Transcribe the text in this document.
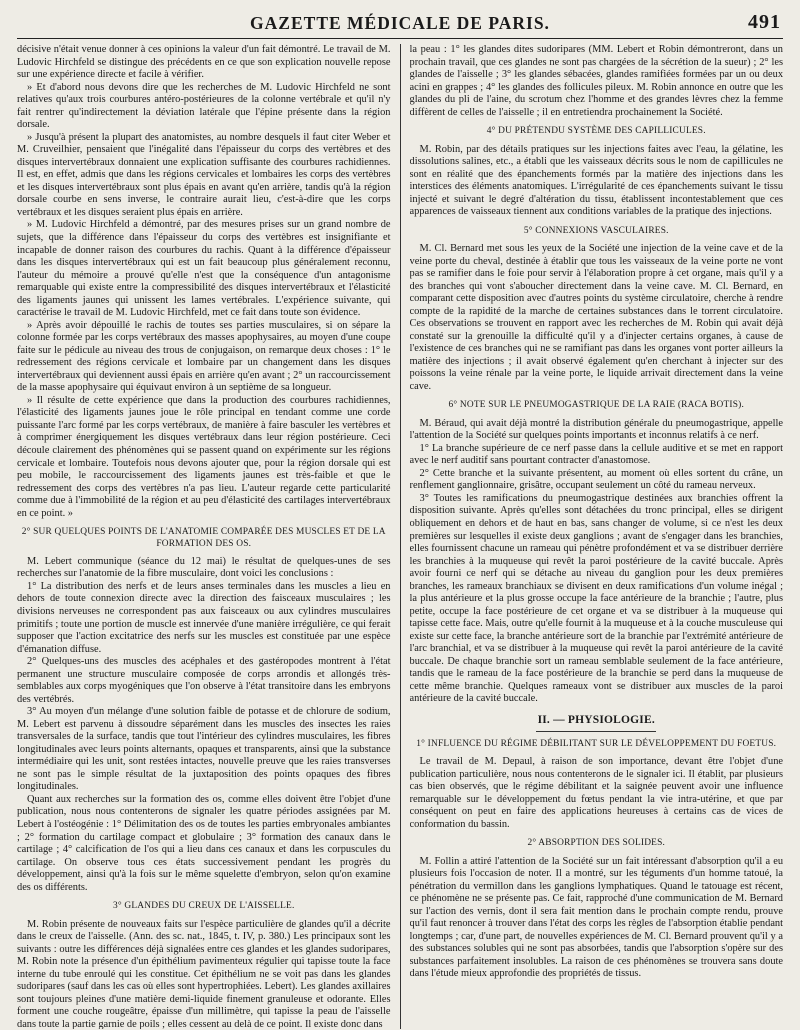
GAZETTE MÉDICALE DE PARIS.	491

décisive n'était venue donner à ces opinions la valeur d'un fait démontré. Le travail de M. Ludovic Hirchfeld se distingue des précédents en ce que son explication nouvelle repose sur une expérience directe et facile à vérifier.

» Et d'abord nous devons dire que les recherches de M. Ludovic Hirchfeld ne sont relatives qu'aux trois courbures antéro-postérieures de la colonne vertébrale et qu'il n'y fait rentrer qu'indirectement la déviation latérale que l'épine présente dans la région dorsale.

» Jusqu'à présent la plupart des anatomistes, au nombre desquels il faut citer Weber et M. Cruveilhier, pensaient que l'inégalité dans l'épaisseur du corps des vertèbres et des disques intervertébraux donnaient une explication suffisante des courbures rachidiennes. Il est, en effet, admis que dans les régions cervicales et lombaires les corps des vertèbres et les disques intervertébraux sont plus épais en avant qu'en arrière, tandis qu'à la région dorsale courbe en sens inverse, le contraire aurait lieu, c'est-à-dire que les corps vertébraux et les disques seraient plus épais en arrière.

» M. Ludovic Hirchfeld a démontré, par des mesures prises sur un grand nombre de sujets, que la différence dans l'épaisseur du corps des vertèbres est insignifiante et incapable de donner raison des courbures du rachis. Quant à la différence d'épaisseur dans les disques intervertébraux qui est un fait beaucoup plus généralement reconnu, l'auteur du mémoire a prouvé qu'elle n'est que la conséquence d'un antagonisme remarquable qui existe entre la compressibilité des disques intervertébraux et l'élasticité des ligaments jaunes qui unissent les lames vertébrales. L'expérience suivante, qui caractérise le travail de M. Ludovic Hirchfeld, met ce fait dans toute son évidence.

» Après avoir dépouillé le rachis de toutes ses parties musculaires, si on sépare la colonne formée par les corps vertébraux des masses apophysaires, au moyen d'une coupe faite sur le pédicule au niveau des trous de conjugaison, on remarque deux choses : 1° le redressement des régions cervicale et lombaire par un changement dans les disques intervertébraux qui deviennent aussi épais en arrière qu'en avant ; 2° un raccourcissement de la masse apophysaire qui équivaut environ à un septième de sa longueur.

» Il résulte de cette expérience que dans la production des courbures rachidiennes, l'élasticité des ligaments jaunes joue le rôle principal en tendant comme une corde puissante l'arc formé par les corps vertébraux, de manière à faire basculer les vertèbres et à comprimer énergiquement les disques vertébraux dans leur région postérieure. Ceci découle clairement des phénomènes qui se passent quand on expérimente sur les régions cervicale et lombaire. Toutefois nous devons ajouter que, pour la région dorsale qui est peu mobile, le raccourcissement des ligaments jaunes est très-faible et que le redressement des corps des vertèbres n'a pas lieu. L'auteur regarde cette particularité comme due à l'immobilité de la région et au peu d'élasticité des cartilages intervertébraux en ce point. »

2° SUR QUELQUES POINTS DE L'ANATOMIE COMPARÉE DES MUSCLES ET DE LA
FORMATION DES OS.

M. Lebert communique (séance du 12 mai) le résultat de quelques-unes de ses recherches sur l'anatomie de la fibre musculaire, dont voici les conclusions :

1° La distribution des nerfs et de leurs anses terminales dans les muscles a lieu en dehors de toute connexion directe avec la direction des faisceaux musculaires ; les divisions nerveuses ne correspondent pas aux faisceaux ou aux cylindres musculaires primitifs ; toute une portion de muscle est innervée d'une manière irrégulière, ce qui ferait supposer que l'action excitatrice des nerfs sur les muscles est constituée par une espèce d'émanation diffuse.

2° Quelques-uns des muscles des acéphales et des gastéropodes montrent à l'état permanent une structure musculaire composée de corps arrondis et allongés très-semblables aux corps myogéniques que l'on observe à l'état transitoire dans les embryons des vertébrés.

3° Au moyen d'un mélange d'une solution faible de potasse et de chlorure de sodium, M. Lebert est parvenu à dissoudre séparément dans les muscles des insectes les raies transversales de la surface, tandis que tout l'intérieur des cylindres musculaires, les fibres longitudinales avec leurs points alternants, opaques et transparents, ainsi que la substance intermédiaire qui les unit, sont restées intactes, nouvelle preuve que les raies transverses ne sont pas le simple résultat de la juxtaposition des points opaques des fibres longitudinales.

Quant aux recherches sur la formation des os, comme elles doivent être l'objet d'une publication, nous nous contenterons de signaler les quatre périodes assignées par M. Lebert à l'ostéogénie : 1° Délimitation des os de toutes les parties embryonales ambiantes ; 2° formation du cartilage compact et globulaire ; 3° formation des canaux dans le cartilage ; 4° calcification de l'os qui a lieu dans ces canaux et dans les corpuscules du cartilage. On observe tous ces états successivement pendant les progrès du développement, ainsi qu'à la fois sur le même squelette d'embryon, selon qu'on examine des os différents.

3° GLANDES DU CREUX DE L'AISSELLE.

M. Robin présente de nouveaux faits sur l'espèce particulière de glandes qu'il a décrite dans le creux de l'aisselle. (Ann. des sc. nat., 1845, t. IV, p. 380.) Les principaux sont les suivants : outre les différences déjà signalées entre ces glandes et les glandes sudoripares, M. Robin note la présence d'un épithélium pavimenteux régulier qui tapisse toute la face interne du tube enroulé qui les constitue. Cet épithélium ne se voit pas dans les glandes sudoripares (sauf dans les cas où elles sont hypertrophiées. Lebert). Les glandes axillaires sont toujours pleines d'une matière demi-liquide finement granuleuse et odorante. Elles forment une couche rougeâtre, épaisse d'un millimètre, qui tapisse la peau de l'aisselle dans toute la partie garnie de poils ; elles cessent au delà de ce point. Il existe donc dans

la peau : 1° les glandes dites sudoripares (MM. Lebert et Robin démontreront, dans un prochain travail, que ces glandes ne sont pas chargées de la sécrétion de la sueur) ; 2° les glandes de l'aisselle ; 3° les glandes sébacées, glandes ramifiées formées par un ou deux acini en grappes ; 4° les glandes des follicules pileux. M. Robin annonce en outre que les glandes du pli de l'aine, du scrotum chez l'homme et des grandes lèvres chez la femme diffèrent de celles de l'aisselle ; il en entretiendra prochainement la Société.

4° DU PRÉTENDU SYSTÈME DES CAPILLICULES.

M. Robin, par des détails pratiques sur les injections faites avec l'eau, la gélatine, les dissolutions salines, etc., a établi que les vaisseaux décrits sous le nom de capillicules ne sont en réalité que des épanchements formés par la matière des injections dans les interstices des éléments anatomiques. L'irrégularité de ces épanchements suivant le tissu injecté et suivant le degré d'altération du tissu, établissent incontestablement que ces apparences de vaisseaux tiennent aux conditions variables de la pratique des injections.

5° CONNEXIONS VASCULAIRES.

M. Cl. Bernard met sous les yeux de la Société une injection de la veine cave et de la veine porte du cheval, destinée à établir que tous les vaisseaux de la veine porte ne vont pas se ramifier dans le foie pour servir à l'élaboration propre à cet organe, mais qu'il y a des branches qui vont s'aboucher directement dans la veine cave. M. Cl. Bernard, en comparant cette disposition avec d'autres points du système circulatoire, cherche à rendre compte de la rapidité de la marche de certaines substances dans le torrent circulatoire. Ces observations se trouvent en rapport avec les recherches de M. Robin qui avait déjà constaté sur la grenouille la difficulté qu'il y a d'injecter certains organes, à cause de l'existence de ces branches qui ne se ramifiant pas dans les organes vont porter ailleurs la matière des injections ; il avait observé également qu'en cherchant à injecter sur des poissons la veine rénale par la veine porte, le liquide arrivait directement dans la veine cave.

6° NOTE SUR LE PNEUMOGASTRIQUE DE LA RAIE (RACA BOTIS).

M. Béraud, qui avait déjà montré la distribution générale du pneumogastrique, appelle l'attention de la Société sur quelques points importants et inconnus relatifs à ce nerf.

1° La branche supérieure de ce nerf passe dans la cellule auditive et se met en rapport avec le nerf auditif sans pourtant contracter d'anastomose.

2° Cette branche et la suivante présentent, au moment où elles sortent du crâne, un renflement ganglionnaire, grisâtre, occupant seulement un côté du rameau nerveux.

3° Toutes les ramifications du pneumogastrique destinées aux branchies offrent la disposition suivante. Après qu'elles sont détachées du tronc principal, elles se dirigent obliquement en dehors et de haut en bas, sans changer de volume, si ce n'est les deux premières sur lesquelles il existe deux ganglions ; avant de s'engager dans les branchies, elles fournissent chacune un rameau qui pénètre profondément et va se distribuer derrière les branchies à la muqueuse qui revêt la paroi postérieure de la cavité buccale. Après avoir fourni ce nerf qui se détache au niveau du ganglion pour les deux premières branches, les rameaux branchiaux se divisent en deux ramifications d'un volume inégal ; la plus antérieure et la plus grosse occupe la face antérieure de la branchie ; l'autre, plus petite, occupe la face postérieure de cet organe et va se distribuer à la muqueuse qui tapisse cette face. Mais, outre qu'elle fournit à la muqueuse et à la couche musculeuse qui existe sur cette face, la branche antérieure sort de la branchie par l'extrémité antérieure de l'arc branchial, et va se distribuer à la muqueuse qui revêt la paroi antérieure de la cavité buccale. De chaque branchie sort un rameau semblable seulement de la face antérieure, tandis que le rameau de la face postérieure de la branchie se perd dans la muqueuse de cette même branchie. Quelques rameaux vont se distribuer aux muscles de la paroi antérieure de la cavité buccale.

II. — PHYSIOLOGIE.
1° INFLUENCE DU RÉGIME DÉBILITANT SUR LE DÉVELOPPEMENT DU FOETUS.

Le travail de M. Depaul, à raison de son importance, devant être l'objet d'une publication particulière, nous nous contenterons de le signaler ici. Il établit, par plusieurs cas bien observés, que le régime débilitant et la saignée peuvent avoir une influence remarquable sur le développement du fœtus pendant la vie intra-utérine, et que par conséquent on peut en faire des applications heureuses à certains cas de vices de conformation du bassin.

2° ABSORPTION DES SOLIDES.

M. Follin a attiré l'attention de la Société sur un fait intéressant d'absorption qu'il a eu plusieurs fois l'occasion de noter. Il a montré, sur les téguments d'un homme tatoué, la pénétration du vermillon dans les ganglions lymphatiques. Quand le tatouage est récent, ce phénomène ne se présente pas. Ce fait, rapproché d'une communication de M. Bernard sur l'action des vernis, dont il sera fait mention dans le prochain compte rendu, prouve qu'il faut renoncer à trouver dans l'état des corps les règles de l'absorption établie pendant longtemps ; car, d'une part, de nouvelles expériences de M. Cl. Bernard prouvent qu'il y a des substances solubles qui ne sont pas absorbées, tandis que l'absorption s'opère sur des substances parfaitement insolubles. La raison de ces phénomènes se trouvera sans doute dans l'étude mieux approfondie des propriétés de tissus.
